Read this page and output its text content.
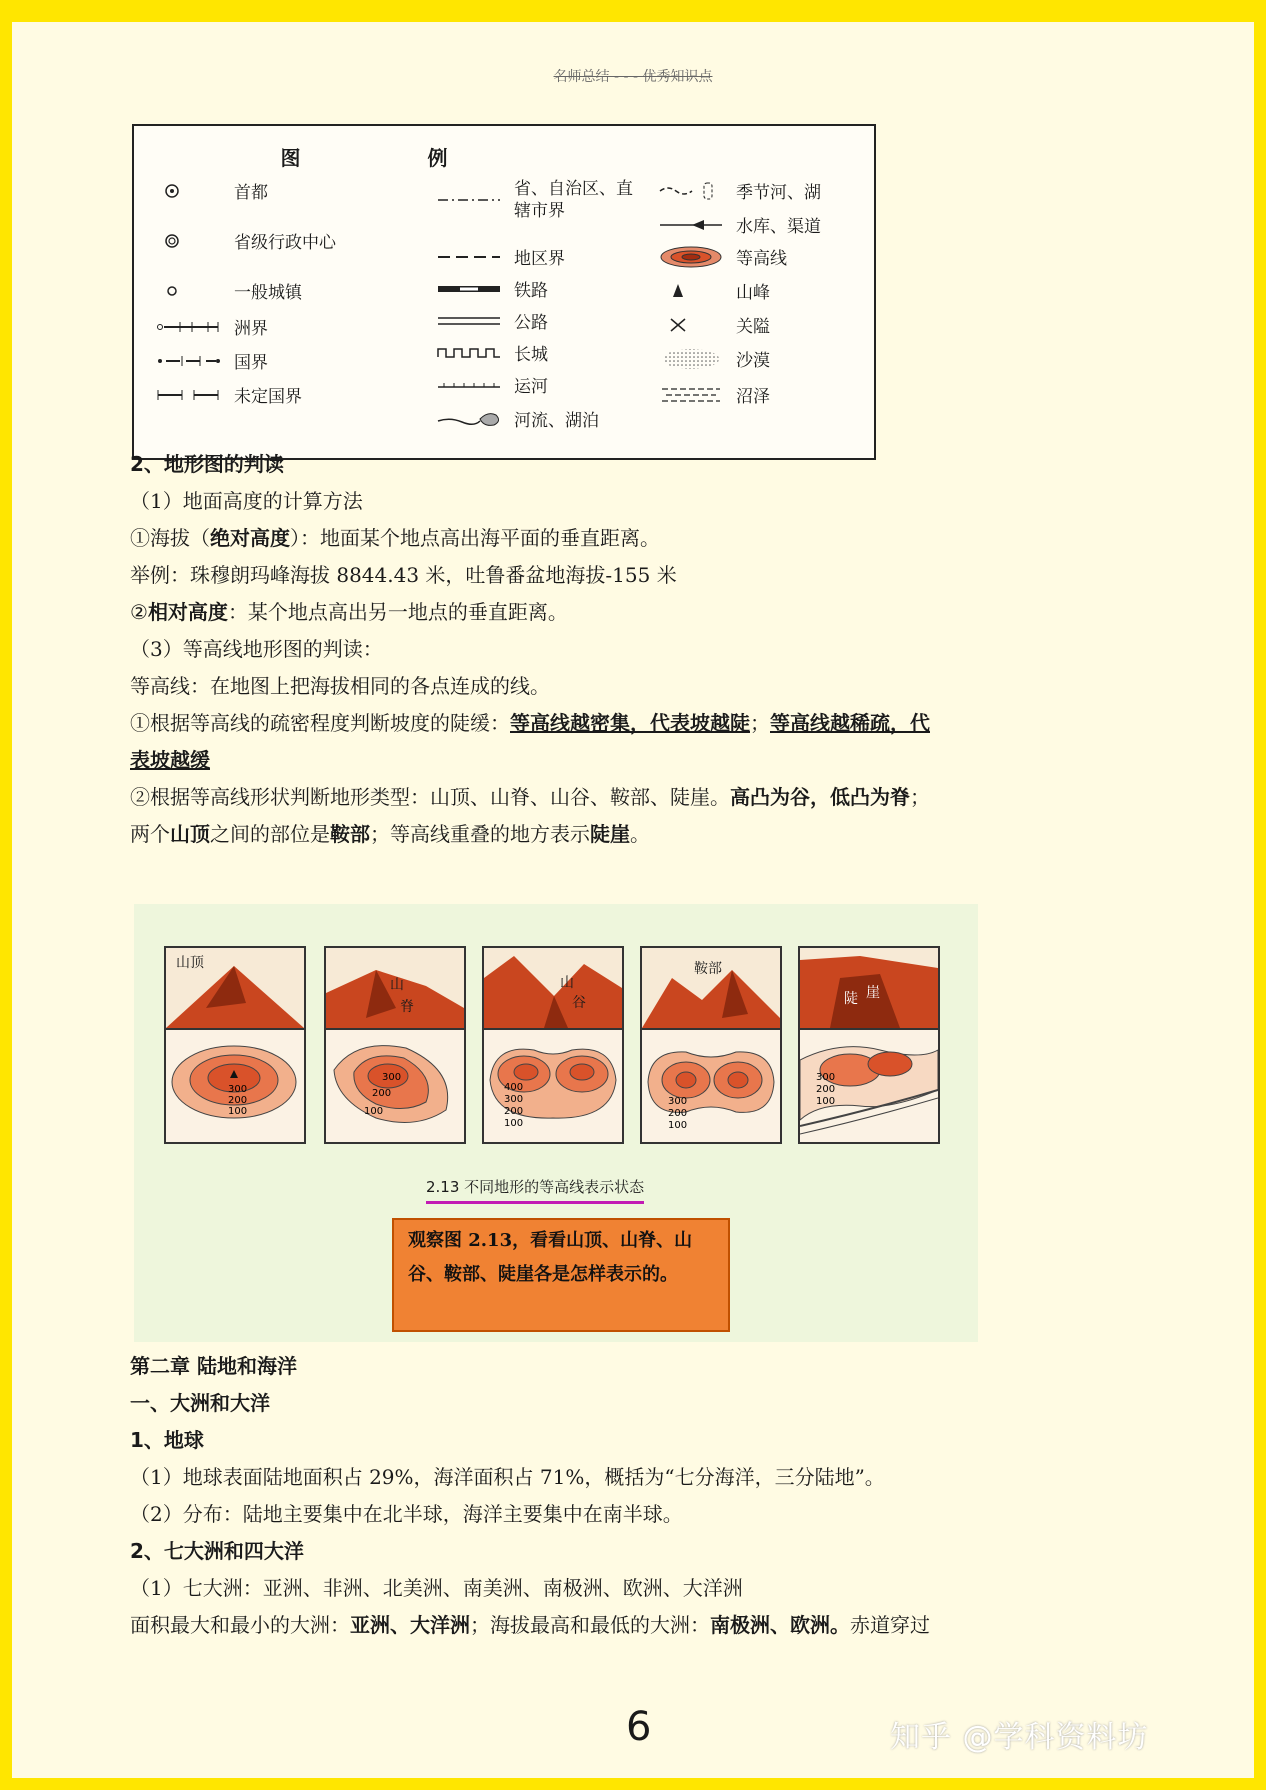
名师总结 - - - 优秀知识点
图	例
首都
省级行政中心
一般城镇
洲界
国界
未定国界
省、自治区、直辖市界
地区界
铁路
公路
长城
运河
河流、湖泊
季节河、湖
水库、渠道
等高线
山峰
关隘
沙漠
沼泽
2、地形图的判读
（1）地面高度的计算方法
①海拔（绝对高度）：地面某个地点高出海平面的垂直距离。
举例：珠穆朗玛峰海拔 8844.43 米，吐鲁番盆地海拔-155 米
②相对高度：某个地点高出另一地点的垂直距离。
（3）等高线地形图的判读：
等高线：在地图上把海拔相同的各点连成的线。
①根据等高线的疏密程度判断坡度的陡缓：等高线越密集，代表坡越陡；等高线越稀疏，代
表坡越缓
②根据等高线形状判断地形类型：山顶、山脊、山谷、鞍部、陡崖。高凸为谷，低凸为脊；
两个山顶之间的部位是鞍部；等高线重叠的地方表示陡崖。
山顶
300
200
100
山
脊
300
200
100
山
谷
400
300
200
100
鞍部
300
200
100
陡 崖
300
200
100
2.13 不同地形的等高线表示状态
观察图 2.13，看看山顶、山脊、山谷、鞍部、陡崖各是怎样表示的。
第二章 陆地和海洋
一、大洲和大洋
1、地球
（1）地球表面陆地面积占 29%，海洋面积占 71%，概括为“七分海洋，三分陆地”。
（2）分布：陆地主要集中在北半球，海洋主要集中在南半球。
2、七大洲和四大洋
（1）七大洲：亚洲、非洲、北美洲、南美洲、南极洲、欧洲、大洋洲
面积最大和最小的大洲：亚洲、大洋洲；海拔最高和最低的大洲：南极洲、欧洲。赤道穿过
6	知乎 @学科资料坊
